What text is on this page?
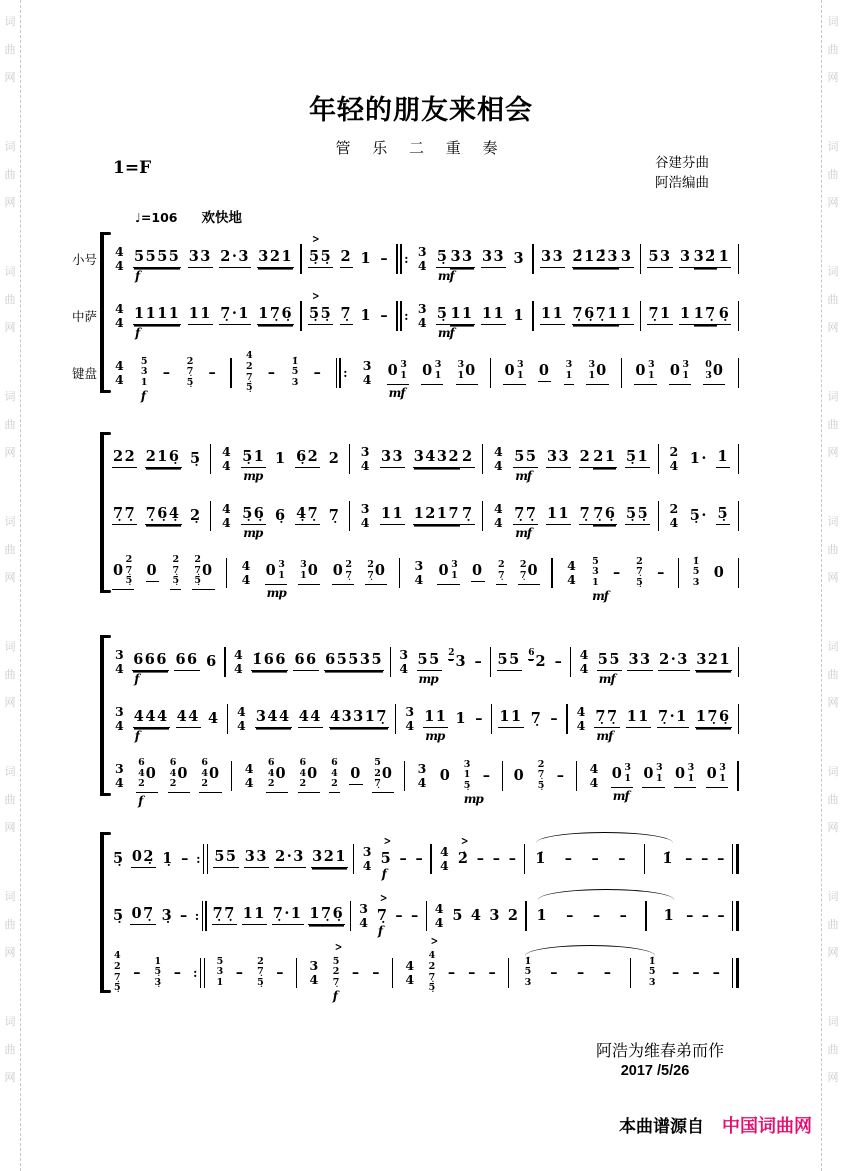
词
曲
网
词
曲
网
词
曲
网
词
曲
网
词
曲
网
词
曲
网
词
曲
网
词
曲
网
词
曲
网
词
曲
网
词
曲
网
词
曲
网
词
曲
网
词
曲
网
词
曲
网
词
曲
网
词
曲
网
词
曲
网
年轻的朋友来相会
管 乐 二 重 奏
1=F	谷建芬曲
阿浩编曲
♩=106 欢快地
小号
4
4 5555
f
33 2·3 321
>
5̣5̣ 2 1 – : 3
4 5̣
mf
33 33 3 33 2̑12̑3 3 53 3 32̑ 1
中萨
4
4 1111
f
11 7̣·1 17̣6̣
>
5̣5̣ 7̣ 1 – : 3
4 5̣
mf
11 11 1 11 7̣6̣7̣1 1 7̣1 1 17̣ 6̣
键盘
4
4
5
3
1
f
–
2
7̣
5̣
–
4
2
7̣
5̣
–
1̇
5
3
– : 3
4 0 3
1
mf
0 3
1
3
1 0 0 3
1 0 3
1
3
1 0 0 3
1 0 3
1
0
3 0
22 216̣ 5̣ 4
4 5̣1
mp
1 6̣2 2 3
4 33 3432 2 4
4 55
mf
33 2 21 5̣1 2
4 1· 1
7̣7̣ 7̣6̣4̣ 2̣ 4
4 5̣6̣
mp
6̣ 4̣7̣ 7̣ 3
4 11 1217 7̣ 4
4 7̣7̣
mf
11 7̣ 7̣6̣ 5̣5̣ 2
4 5̣· 5̣
0
2
7̣
5̣
0
2
7̣
5̣
2
7̣
5̣
0 4
4 0 3
1
mp
3
1 0 0 2
7̣
2
7̣ 0 3
4 0 3
1 0 2
7̣
2
7̣ 0 4
4
5
3
1
mf
–
2
7̣
5̣
–
1̇
5
3
0
3
4 666
f
66 6 4
4 1̇66 66 65535 3
4 55
mp
2 3 – 55 6 2 – 4
4 55
mf
33 2·3 321
3
4 444
f
44 4 4
4 344 44 43317̣ 3
4 11
mp
1 – 11 7̣ – 4
4 7̣7̣
mf
11 7̣·1 17̣6̣
3
4
6
4
2
0
f
6
4
2
0
6
4
2
0 4
4
6
4
2
0
6
4
2
0
6
4
2
0
5
2
7̣
0 3
4 0
3
1
5̣
mp
– 0
2
7̣
5̣
– 4
4 0 3
1
mf
0 3
1 0 3
1 0 3
1
5̣ 02̣ 1̣ – : 55 33 2·3 321 3
4
>
5
f
– – 4
4
>
2̇ – – – 1̇ – – – 1̇ – – –
5̣ 07̣ 3̣ – : 7̣7̣ 11 7̣·1 17̣6̣ 3
4
>
7̣
f
– – 4
4 5 4 3 2 1 – – – 1 – – –
4
2
7̣
5̣
–
1
5̣
3̣
– :
5
3
1
–
2
7̣
5̣
– 3
4
>
5
2
7̣
f
– – 4
4
>
4
2
7̣
5̣
– – –
1̇
5
3
– – –
1̇
5
3
– – –
阿浩为维春弟而作
2017 /5/26
本曲谱源自 中国词曲网
